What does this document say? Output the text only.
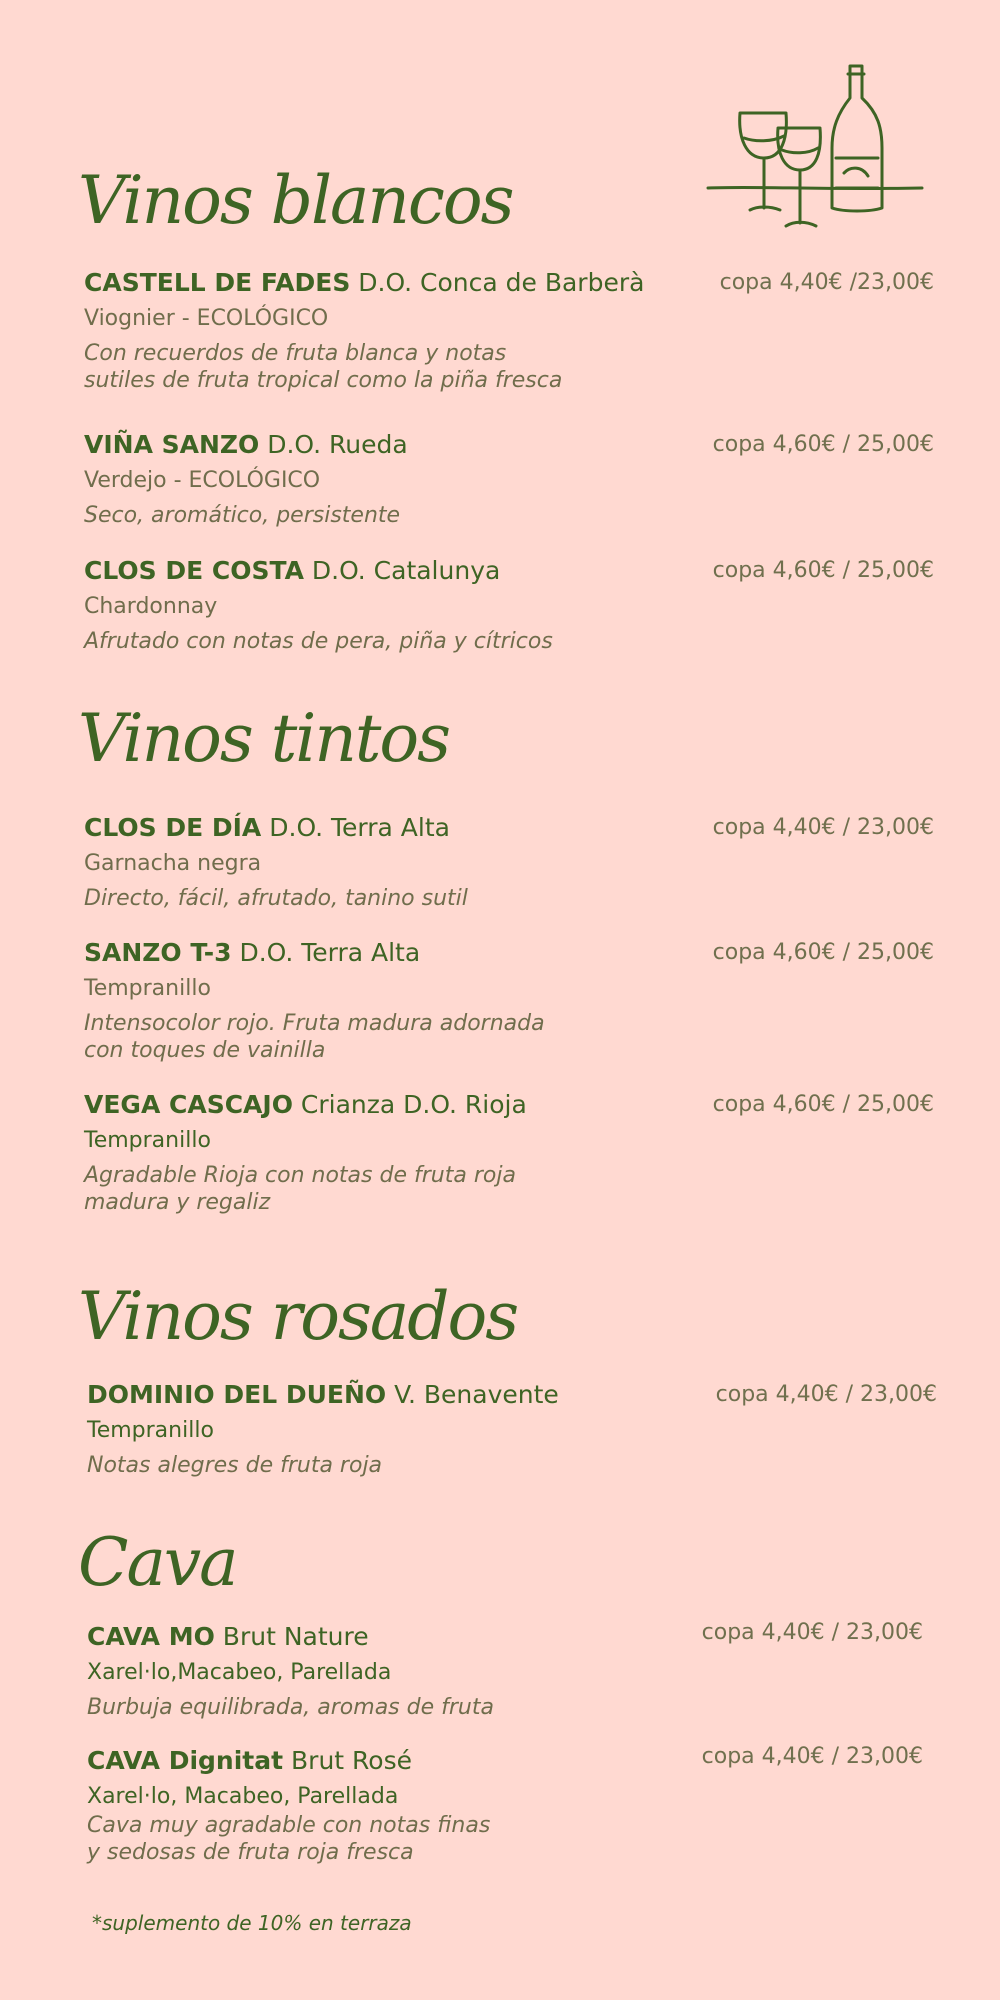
Vinos blancos
CASTELL DE FADES D.O. Conca de Barberà	copa 4,40€ /23,00€
Viognier - ECOLÓGICO
Con recuerdos de fruta blanca y notas
sutiles de fruta tropical como la piña fresca
VIÑA SANZO D.O. Rueda	copa 4,60€ / 25,00€
Verdejo - ECOLÓGICO
Seco, aromático, persistente
CLOS DE COSTA D.O. Catalunya	copa 4,60€ / 25,00€
Chardonnay
Afrutado con notas de pera, piña y cítricos
Vinos tintos
CLOS DE DÍA D.O. Terra Alta	copa 4,40€ / 23,00€
Garnacha negra
Directo, fácil, afrutado, tanino sutil
SANZO T-3 D.O. Terra Alta	copa 4,60€ / 25,00€
Tempranillo
Intensocolor rojo. Fruta madura adornada
con toques de vainilla
VEGA CASCAJO Crianza D.O. Rioja	copa 4,60€ / 25,00€
Tempranillo
Agradable Rioja con notas de fruta roja
madura y regaliz
Vinos rosados
DOMINIO DEL DUEÑO V. Benavente	copa 4,40€ / 23,00€
Tempranillo
Notas alegres de fruta roja
Cava
CAVA MO Brut Nature	copa 4,40€ / 23,00€
Xarel·lo,Macabeo, Parellada
Burbuja equilibrada, aromas de fruta
CAVA Dignitat Brut Rosé	copa 4,40€ / 23,00€
Xarel·lo, Macabeo, Parellada
Cava muy agradable con notas finas
y sedosas de fruta roja fresca
*suplemento de 10% en terraza
